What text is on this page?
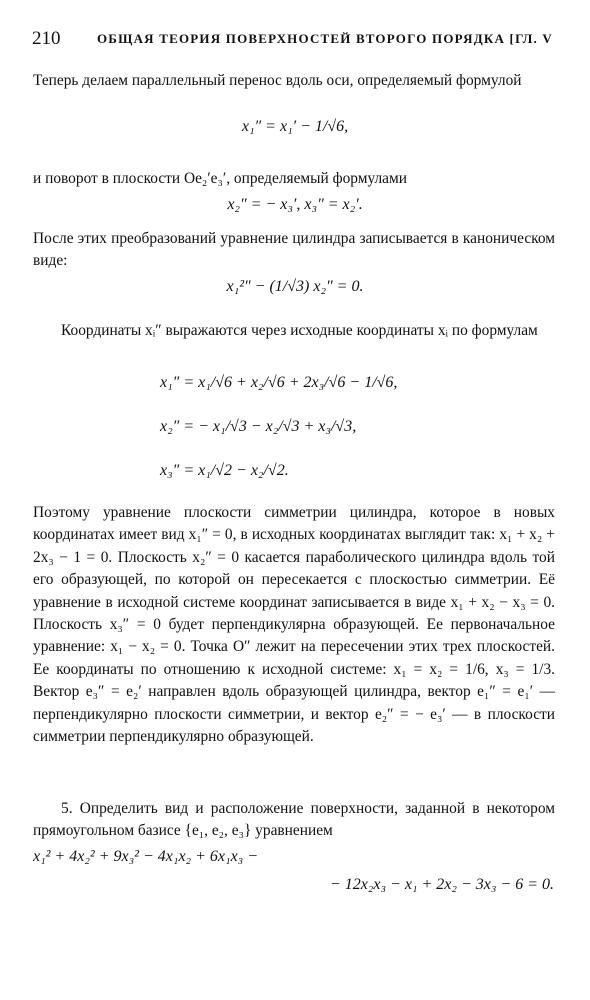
210	ОБЩАЯ ТЕОРИЯ ПОВЕРХНОСТЕЙ ВТОРОГО ПОРЯДКА [ГЛ. V
Теперь делаем параллельный перенос вдоль оси, определяемый формулой
x₁″ = x₁′ − 1/√6,
и поворот в плоскости Oe₂′e₃′, определяемый формулами
x₂″ = − x₃′, x₃″ = x₂′.
После этих преобразований уравнение цилиндра записывается в каноническом виде:
x₁²″ − (1/√3) x₂″ = 0.
Координаты xᵢ″ выражаются через исходные координаты xᵢ по формулам
x₁″ = x₁/√6 + x₂/√6 + 2x₃/√6 − 1/√6,
x₂″ = − x₁/√3 − x₂/√3 + x₃/√3,
x₃″ = x₁/√2 − x₂/√2.
Поэтому уравнение плоскости симметрии цилиндра, которое в новых координатах имеет вид x₁″ = 0, в исходных координатах выглядит так: x₁ + x₂ + 2x₃ − 1 = 0. Плоскость x₂″ = 0 касается параболического цилиндра вдоль той его образующей, по которой он пересекается с плоскостью симметрии. Её уравнение в исходной системе координат записывается в виде x₁ + x₂ − x₃ = 0. Плоскость x₃″ = 0 будет перпендикулярна образующей. Ее первоначальное уравнение: x₁ − x₂ = 0. Точка O″ лежит на пересечении этих трех плоскостей. Ее координаты по отношению к исходной системе: x₁ = x₂ = 1/6, x₃ = 1/3. Вектор e₃″ = e₂′ направлен вдоль образующей цилиндра, вектор e₁″ = e₁′ — перпендикулярно плоскости симметрии, и вектор e₂″ = − e₃′ — в плоскости симметрии перпендикулярно образующей.
5. Определить вид и расположение поверхности, заданной в некотором прямоугольном базисе {e₁, e₂, e₃} уравнением
x₁² + 4x₂² + 9x₃² − 4x₁x₂ + 6x₁x₃ −
− 12x₂x₃ − x₁ + 2x₂ − 3x₃ − 6 = 0.
